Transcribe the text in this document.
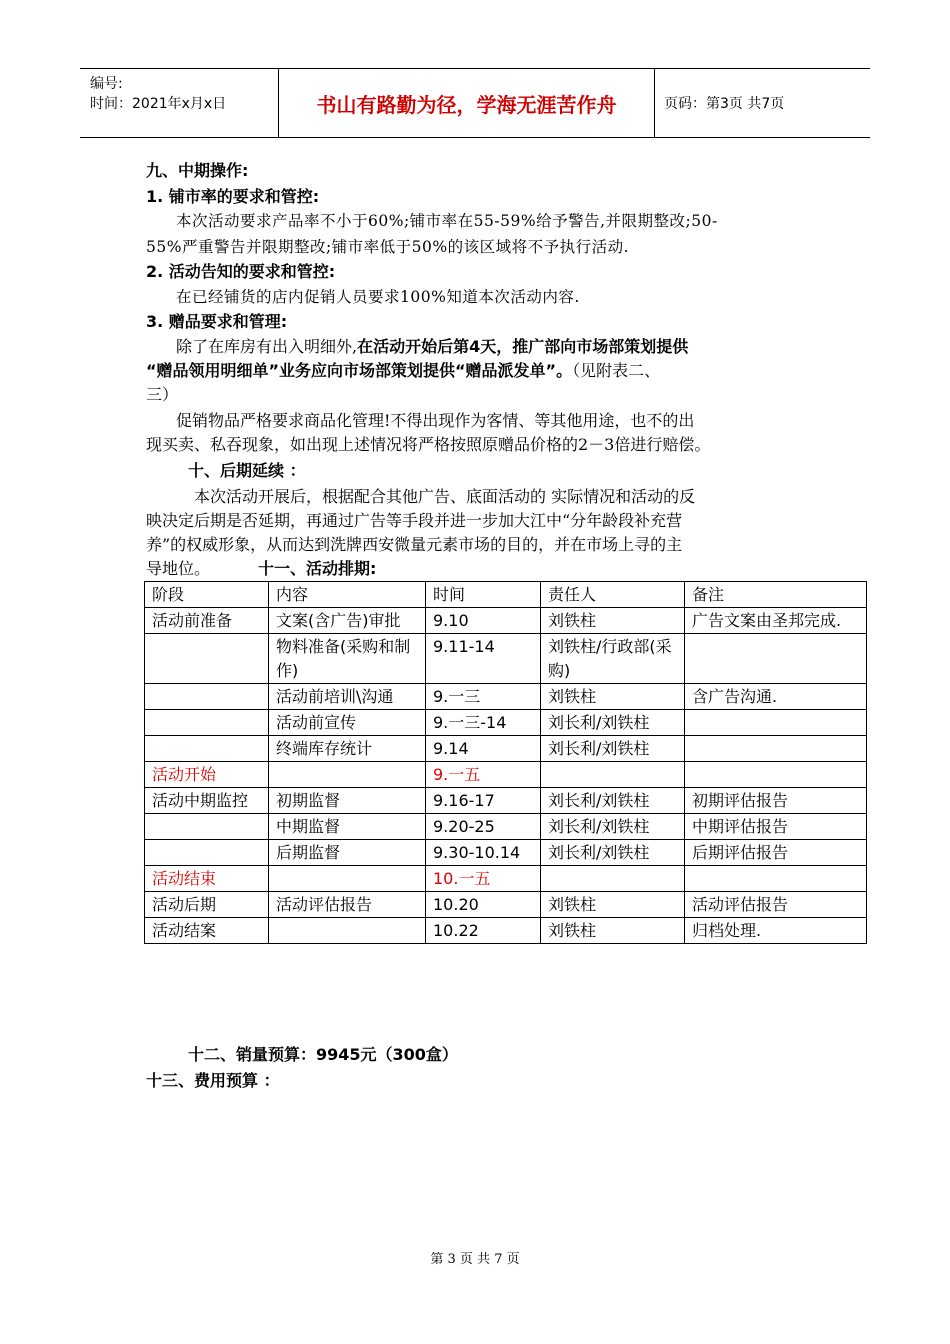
编号:
时间：2021年x月x日	书山有路勤为径，学海无涯苦作舟	页码：第3页 共7页
九、中期操作:
1. 铺市率的要求和管控:
本次活动要求产品率不小于60%;铺市率在55-59%给予警告,并限期整改;50-
55%严重警告并限期整改;铺市率低于50%的该区域将不予执行活动.
2. 活动告知的要求和管控:
在已经铺货的店内促销人员要求100%知道本次活动内容.
3. 赠品要求和管理:
除了在库房有出入明细外,在活动开始后第4天，推广部向市场部策划提供
“赠品领用明细单”业务应向市场部策划提供“赠品派发单”。（见附表二、
三）
促销物品严格要求商品化管理!不得出现作为客情、等其他用途，也不的出
现买卖、私吞现象，如出现上述情况将严格按照原赠品价格的2－3倍进行赔偿。
十、后期延续 ：
本次活动开展后，根据配合其他广告、底面活动的 实际情况和活动的反
映决定后期是否延期，再通过广告等手段并进一步加大江中“分年龄段补充营
养”的权威形象，从而达到洗牌西安微量元素市场的目的，并在市场上寻的主
导地位。	十一、活动排期:
阶段	内容	时间	责任人	备注
活动前准备	文案(含广告)审批	9.10	刘铁柱	广告文案由圣邦完成.
	物料准备(采购和制作)	9.11-14	刘铁柱/行政部(采购)	
	活动前培训\沟通	9.一三	刘铁柱	含广告沟通.
	活动前宣传	9.一三-14	刘长利/刘铁柱	
	终端库存统计	9.14	刘长利/刘铁柱	
活动开始		9.一五		
活动中期监控	初期监督	9.16-17	刘长利/刘铁柱	初期评估报告
	中期监督	9.20-25	刘长利/刘铁柱	中期评估报告
	后期监督	9.30-10.14	刘长利/刘铁柱	后期评估报告
活动结束		10.一五		
活动后期	活动评估报告	10.20	刘铁柱	活动评估报告
活动结案		10.22	刘铁柱	归档处理.
十二、销量预算：9945元（300盒）
十三、费用预算 ：
第 3 页 共 7 页
